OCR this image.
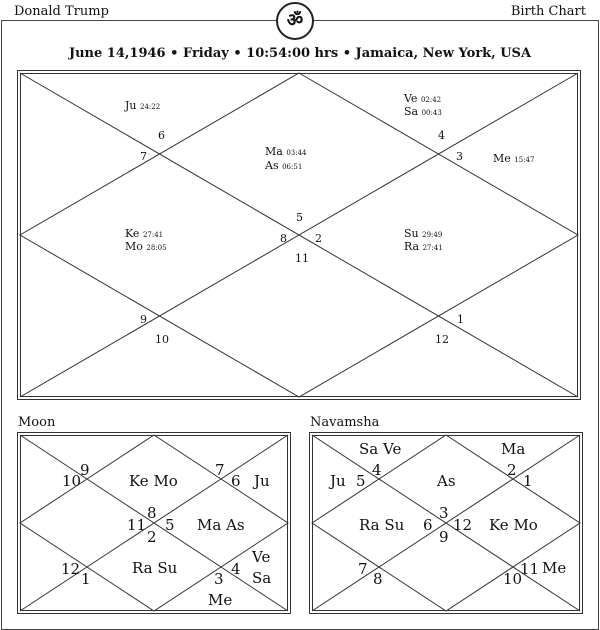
Donald Trump	Birth Chart
ॐ
June 14,1946 • Friday • 10:54:00 hrs • Jamaica, New York, USA
5
6
7
8
9
10
11
12
1
2
3
4
Ju 24:22
Ve 02:42
Sa 00:43
Me 15:47
Ma 03:44
As 06:51
Ke 27:41
Mo 28:05
Su 29:49
Ra 27:41
Moon
8
9
10
11
12
1
2
3
4
5
6
7
Ke Mo	Ju
Ma As
Ra Su
Ve
Sa
Me
Navamsha
3
4
5
6
7
8
9
10
11
12
1
2
Sa Ve	Ma
Ju	As
Ra Su	Ke Mo
Me
